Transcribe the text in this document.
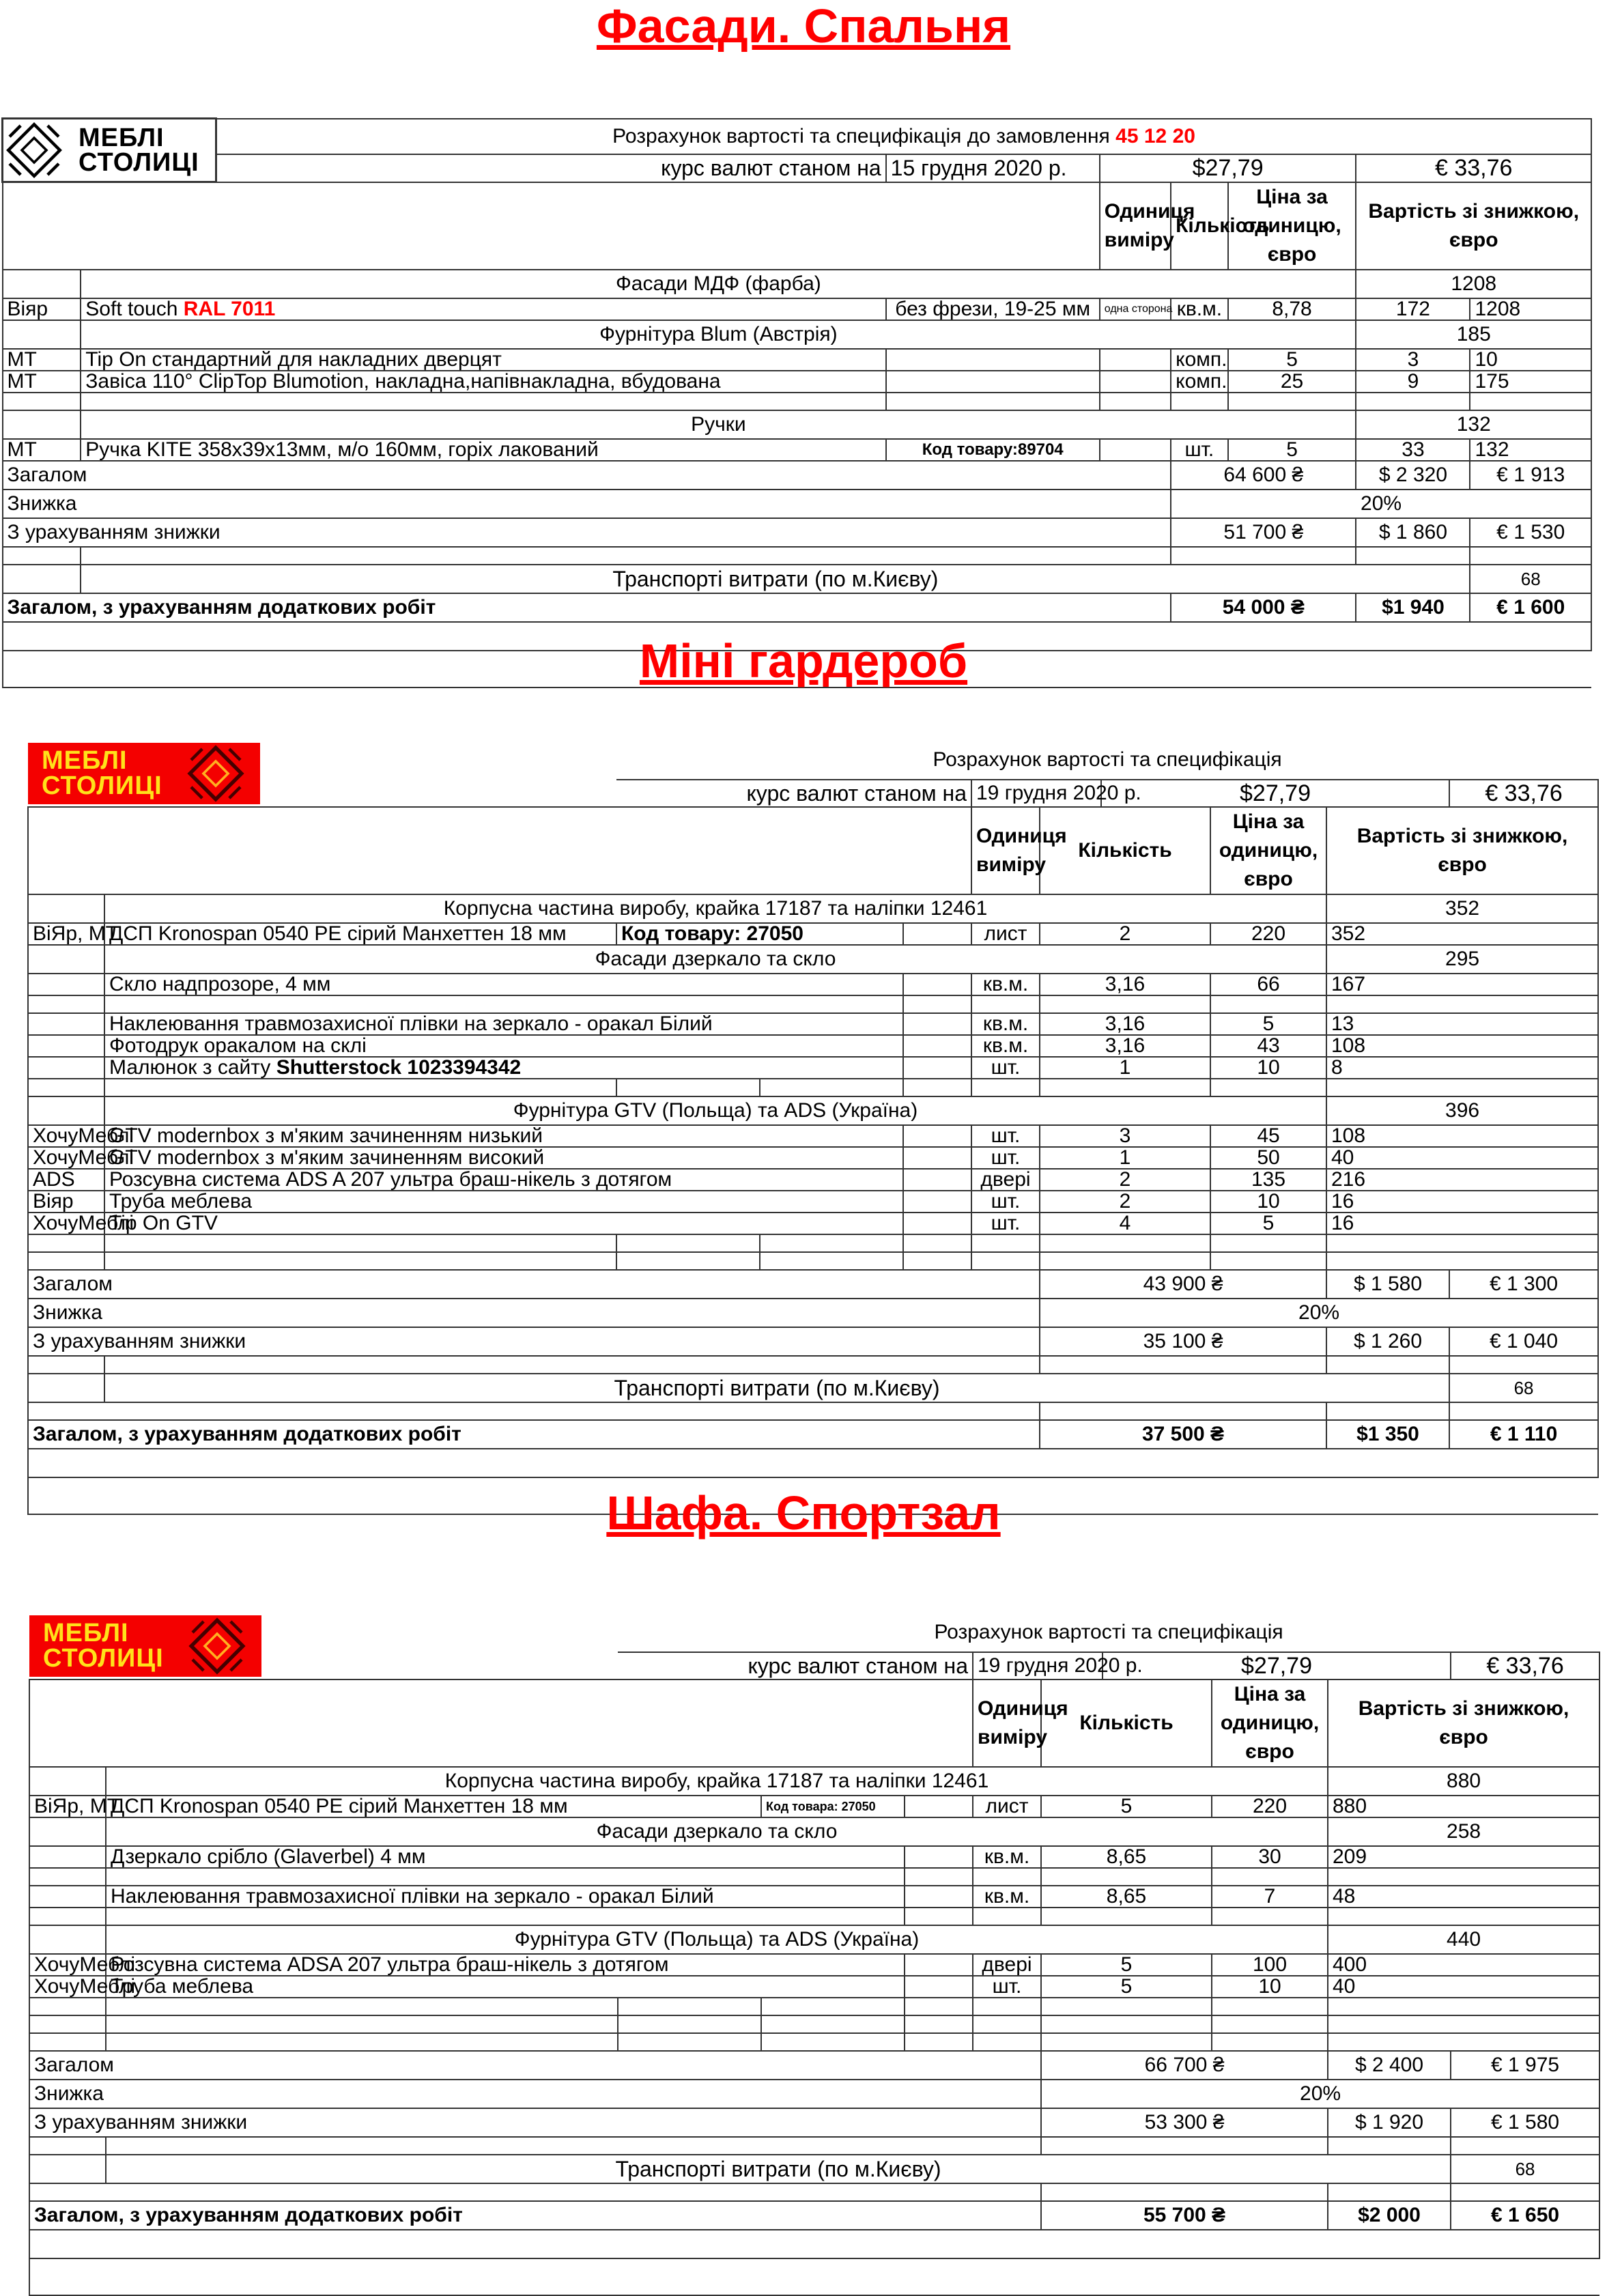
Фасади. Спальня
МЕБЛІ
СТОЛИЦІ		Розрахунок вартості та специфікація до замовлення 45 12 20						
		курс валют станом на	15 грудня 2020 р.	$27,79			€ 33,76	
				Одиниця виміру	Кількість	Ціна за одиницю, євро	Вартість зі знижкою, євро	
	Фасади МДФ (фарба)						1208	
Віяр	Soft touch RAL 7011		без фрези, 19-25 мм	одна сторона	кв.м.	8,78	172	1208
	Фурнітура Blum (Австрія)						185	
МТ	Tip On стандартний для накладних дверцят				комп.	5	3	10
МТ	Завіса 110° ClipTop Blumotion, накладна,напівнакладна, вбудована				комп.	25	9	175

	Ручки						132	
МТ	Ручка KITE 358x39x13мм, м/о 160мм, горіх лакований		Код товару:89704		шт.	5	33	132
Загалом					64 600 ₴		$ 2 320	€ 1 913
Знижка					20%			
З урахуванням знижки					51 700 ₴		$ 1 860	€ 1 530

	Транспорті витрати (по м.Києву)							68
Загалом, з урахуванням додаткових робіт					54 000 ₴		$1 940	€ 1 600

Міні гардероб
МЕБЛІ
СТОЛИЦІ		Розрахунок вартості та специфікація								
		курс валют станом на			19 грудня 2020 р.		$27,79			€ 33,76
					Одиниця виміру	Кількість		Ціна за одиницю, євро	Вартість зі знижкою, євро	
	Корпусна частина виробу, крайка 17187 та наліпки 12461								352	
ВіЯр, МТ	ДСП Kronospan 0540 PE сірий Манхеттен 18 мм	Код товару: 27050			лист	2		220	352	
	Фасади дзеркало та скло								295	
	Скло надпрозоре, 4 мм				кв.м.	3,16		66	167	

	Наклеювання травмозахисної плівки на зеркало - оракал Білий				кв.м.	3,16		5	13	
	Фотодрук оракалом на склі				кв.м.	3,16		43	108	
	Малюнок з сайту Shutterstock 1023394342				шт.	1		10	8	

	Фурнітура GTV (Польща) та ADS (Україна)								396	
ХочуМеблі	GTV modernbox з м'яким зачиненням низький				шт.	3		45	108	
ХочуМеблі	GTV modernbox з м'яким зачиненням високий				шт.	1		50	40	
ADS	Розсувна система ADS A 207 ультра браш-нікель з дотягом				двері	2		135	216	
Віяр	Труба меблева				шт.	2		10	16	
ХочуМеблі	Tip On GTV				шт.	4		5	16	

Загалом						43 900 ₴			$ 1 580	€ 1 300
Знижка						20%				
З урахуванням знижки						35 100 ₴			$ 1 260	€ 1 040

	Транспорті витрати (по м.Києву)									68

Загалом, з урахуванням додаткових робіт						37 500 ₴			$1 350	€ 1 110

Шафа. Спортзал
МЕБЛІ
СТОЛИЦІ		Розрахунок вартості та специфікація								
		курс валют станом на			19 грудня 2020 р.		$27,79			€ 33,76
					Одиниця виміру	Кількість		Ціна за одиницю, євро	Вартість зі знижкою, євро	
	Корпусна частина виробу, крайка 17187 та наліпки 12461								880	
ВіЯр, МТ	ДСП Kronospan 0540 PE сірий Манхеттен 18 мм		Код товара: 27050		лист	5		220	880	
	Фасади дзеркало та скло								258	
	Дзеркало срібло (Glaverbel) 4 мм				кв.м.	8,65		30	209	

	Наклеювання травмозахисної плівки на зеркало - оракал Білий				кв.м.	8,65		7	48	

	Фурнітура GTV (Польща) та ADS (Україна)								440	
ХочуМеблі	Розсувна система ADSA 207 ультра браш-нікель з дотягом				двері	5		100	400	
ХочуМеблі	Труба меблева				шт.	5		10	40	

Загалом						66 700 ₴			$ 2 400	€ 1 975
Знижка						20%				
З урахуванням знижки						53 300 ₴			$ 1 920	€ 1 580

	Транспорті витрати (по м.Києву)									68

Загалом, з урахуванням додаткових робіт						55 700 ₴			$2 000	€ 1 650
